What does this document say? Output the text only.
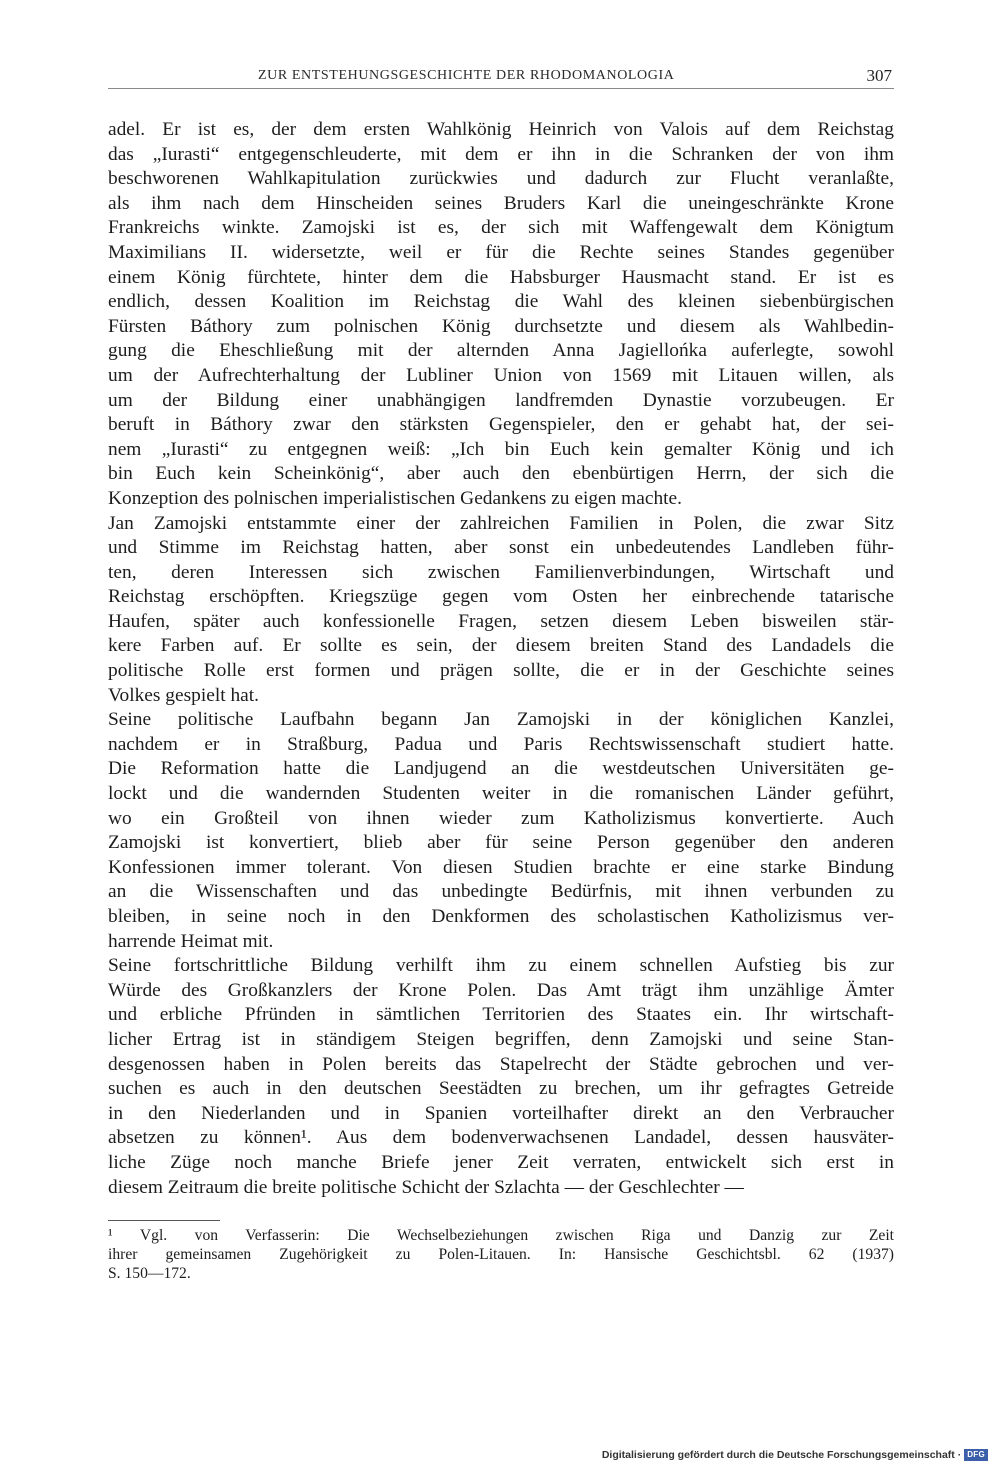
ZUR ENTSTEHUNGSGESCHICHTE DER RHODOMANOLOGIA	307
adel. Er ist es, der dem ersten Wahlkönig Heinrich von Valois auf dem Reichstag
das „Iurasti“ entgegenschleuderte, mit dem er ihn in die Schranken der von ihm
beschworenen Wahlkapitulation zurückwies und dadurch zur Flucht veranlaßte,
als ihm nach dem Hinscheiden seines Bruders Karl die uneingeschränkte Krone
Frankreichs winkte. Zamojski ist es, der sich mit Waffengewalt dem Königtum
Maximilians II. widersetzte, weil er für die Rechte seines Standes gegenüber
einem König fürchtete, hinter dem die Habsburger Hausmacht stand. Er ist es
endlich, dessen Koalition im Reichstag die Wahl des kleinen siebenbürgischen
Fürsten Báthory zum polnischen König durchsetzte und diesem als Wahlbedin-
gung die Eheschließung mit der alternden Anna Jagiellońka auferlegte, sowohl
um der Aufrechterhaltung der Lubliner Union von 1569 mit Litauen willen, als
um der Bildung einer unabhängigen landfremden Dynastie vorzubeugen. Er
beruft in Báthory zwar den stärksten Gegenspieler, den er gehabt hat, der sei-
nem „Iurasti“ zu entgegnen weiß: „Ich bin Euch kein gemalter König und ich
bin Euch kein Scheinkönig“, aber auch den ebenbürtigen Herrn, der sich die
Konzeption des polnischen imperialistischen Gedankens zu eigen machte.
Jan Zamojski entstammte einer der zahlreichen Familien in Polen, die zwar Sitz
und Stimme im Reichstag hatten, aber sonst ein unbedeutendes Landleben führ-
ten, deren Interessen sich zwischen Familienverbindungen, Wirtschaft und
Reichstag erschöpften. Kriegszüge gegen vom Osten her einbrechende tatarische
Haufen, später auch konfessionelle Fragen, setzen diesem Leben bisweilen stär-
kere Farben auf. Er sollte es sein, der diesem breiten Stand des Landadels die
politische Rolle erst formen und prägen sollte, die er in der Geschichte seines
Volkes gespielt hat.
Seine politische Laufbahn begann Jan Zamojski in der königlichen Kanzlei,
nachdem er in Straßburg, Padua und Paris Rechtswissenschaft studiert hatte.
Die Reformation hatte die Landjugend an die westdeutschen Universitäten ge-
lockt und die wandernden Studenten weiter in die romanischen Länder geführt,
wo ein Großteil von ihnen wieder zum Katholizismus konvertierte. Auch
Zamojski ist konvertiert, blieb aber für seine Person gegenüber den anderen
Konfessionen immer tolerant. Von diesen Studien brachte er eine starke Bindung
an die Wissenschaften und das unbedingte Bedürfnis, mit ihnen verbunden zu
bleiben, in seine noch in den Denkformen des scholastischen Katholizismus ver-
harrende Heimat mit.
Seine fortschrittliche Bildung verhilft ihm zu einem schnellen Aufstieg bis zur
Würde des Großkanzlers der Krone Polen. Das Amt trägt ihm unzählige Ämter
und erbliche Pfründen in sämtlichen Territorien des Staates ein. Ihr wirtschaft-
licher Ertrag ist in ständigem Steigen begriffen, denn Zamojski und seine Stan-
desgenossen haben in Polen bereits das Stapelrecht der Städte gebrochen und ver-
suchen es auch in den deutschen Seestädten zu brechen, um ihr gefragtes Getreide
in den Niederlanden und in Spanien vorteilhafter direkt an den Verbraucher
absetzen zu können¹. Aus dem bodenverwachsenen Landadel, dessen hausväter-
liche Züge noch manche Briefe jener Zeit verraten, entwickelt sich erst in
diesem Zeitraum die breite politische Schicht der Szlachta — der Geschlechter —
¹ Vgl. von Verfasserin: Die Wechselbeziehungen zwischen Riga und Danzig zur Zeit
ihrer gemeinsamen Zugehörigkeit zu Polen-Litauen. In: Hansische Geschichtsbl. 62 (1937)
S. 150—172.
Digitalisierung gefördert durch die Deutsche Forschungsgemeinschaft · DFG
